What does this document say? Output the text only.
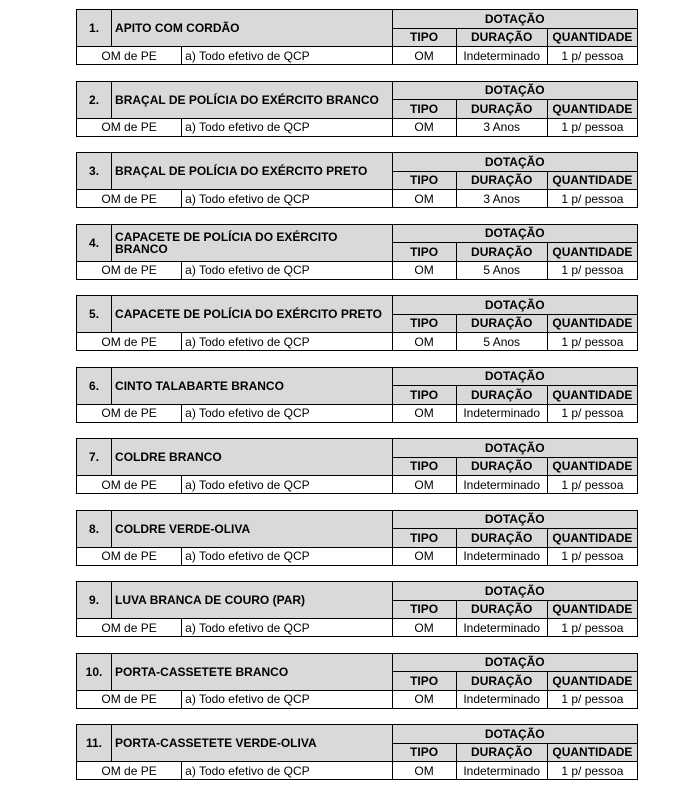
1.	APITO COM CORDÃO		DOTAÇÃO		
			TIPO	DURAÇÃO	QUANTIDADE
OM de PE		a) Todo efetivo de QCP	OM	Indeterminado	1 p/ pessoa
2.	BRAÇAL DE POLÍCIA DO EXÉRCITO BRANCO		DOTAÇÃO		
			TIPO	DURAÇÃO	QUANTIDADE
OM de PE		a) Todo efetivo de QCP	OM	3 Anos	1 p/ pessoa
3.	BRAÇAL DE POLÍCIA DO EXÉRCITO PRETO		DOTAÇÃO		
			TIPO	DURAÇÃO	QUANTIDADE
OM de PE		a) Todo efetivo de QCP	OM	3 Anos	1 p/ pessoa
4.	CAPACETE DE POLÍCIA DO EXÉRCITO BRANCO		DOTAÇÃO		
			TIPO	DURAÇÃO	QUANTIDADE
OM de PE		a) Todo efetivo de QCP	OM	5 Anos	1 p/ pessoa
5.	CAPACETE DE POLÍCIA DO EXÉRCITO PRETO		DOTAÇÃO		
			TIPO	DURAÇÃO	QUANTIDADE
OM de PE		a) Todo efetivo de QCP	OM	5 Anos	1 p/ pessoa
6.	CINTO TALABARTE BRANCO		DOTAÇÃO		
			TIPO	DURAÇÃO	QUANTIDADE
OM de PE		a) Todo efetivo de QCP	OM	Indeterminado	1 p/ pessoa
7.	COLDRE BRANCO		DOTAÇÃO		
			TIPO	DURAÇÃO	QUANTIDADE
OM de PE		a) Todo efetivo de QCP	OM	Indeterminado	1 p/ pessoa
8.	COLDRE VERDE-OLIVA		DOTAÇÃO		
			TIPO	DURAÇÃO	QUANTIDADE
OM de PE		a) Todo efetivo de QCP	OM	Indeterminado	1 p/ pessoa
9.	LUVA BRANCA DE COURO (PAR)		DOTAÇÃO		
			TIPO	DURAÇÃO	QUANTIDADE
OM de PE		a) Todo efetivo de QCP	OM	Indeterminado	1 p/ pessoa
10.	PORTA-CASSETETE BRANCO		DOTAÇÃO		
			TIPO	DURAÇÃO	QUANTIDADE
OM de PE		a) Todo efetivo de QCP	OM	Indeterminado	1 p/ pessoa
11.	PORTA-CASSETETE VERDE-OLIVA		DOTAÇÃO		
			TIPO	DURAÇÃO	QUANTIDADE
OM de PE		a) Todo efetivo de QCP	OM	Indeterminado	1 p/ pessoa
